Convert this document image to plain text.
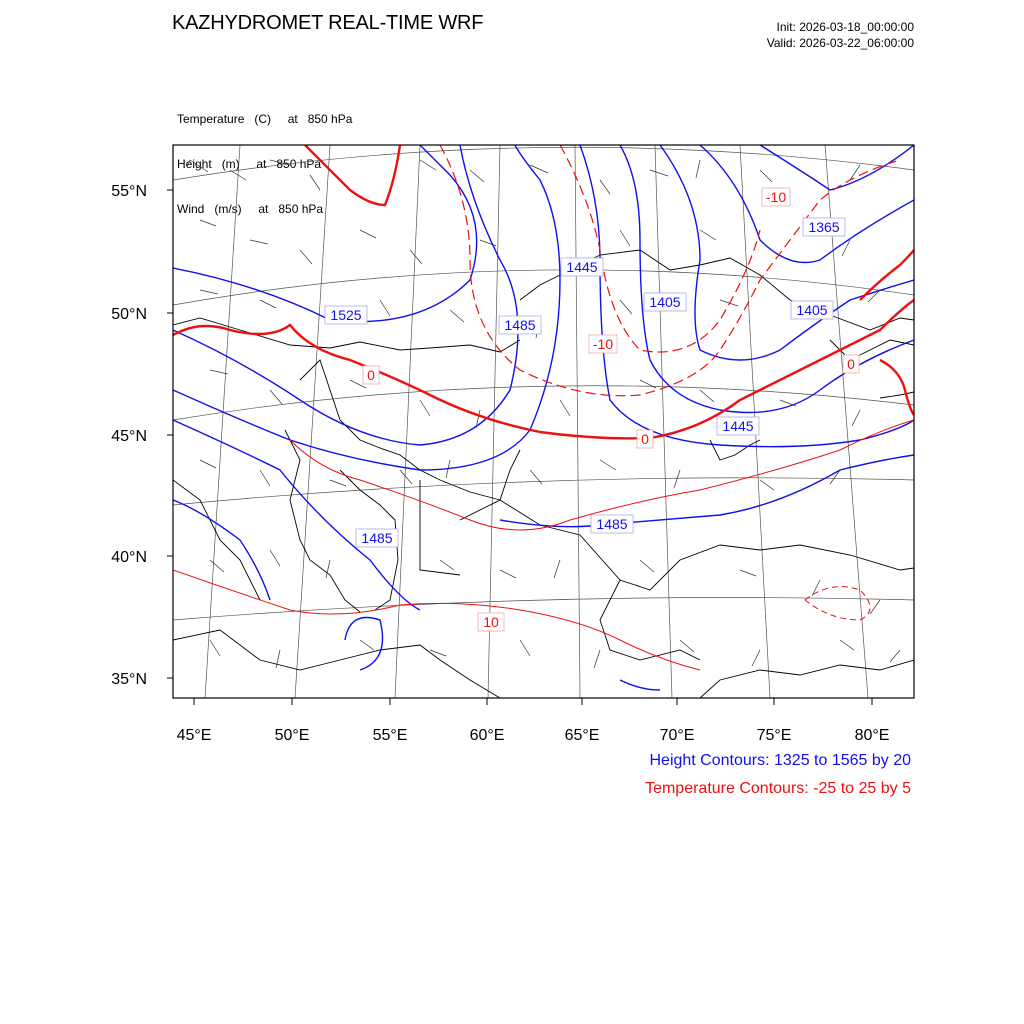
KAZHYDROMET REAL-TIME WRF	Init: 2026-03-18_00:00:00
Valid: 2026-03-22_06:00:00

Temperature   (C)     at   850 hPa

Height   (m)     at   850 hPa

Wind   (m/s)     at   850 hPa

1525
1485
1445
1405
1365
1405
1445
1485
1485
0
-10
-10
0
0
10
55°N
50°N
45°N
40°N
35°N
45°E	50°E	55°E	60°E	65°E	70°E	75°E	80°E
Height Contours: 1325 to 1565 by 20
Temperature Contours: -25 to 25 by 5
